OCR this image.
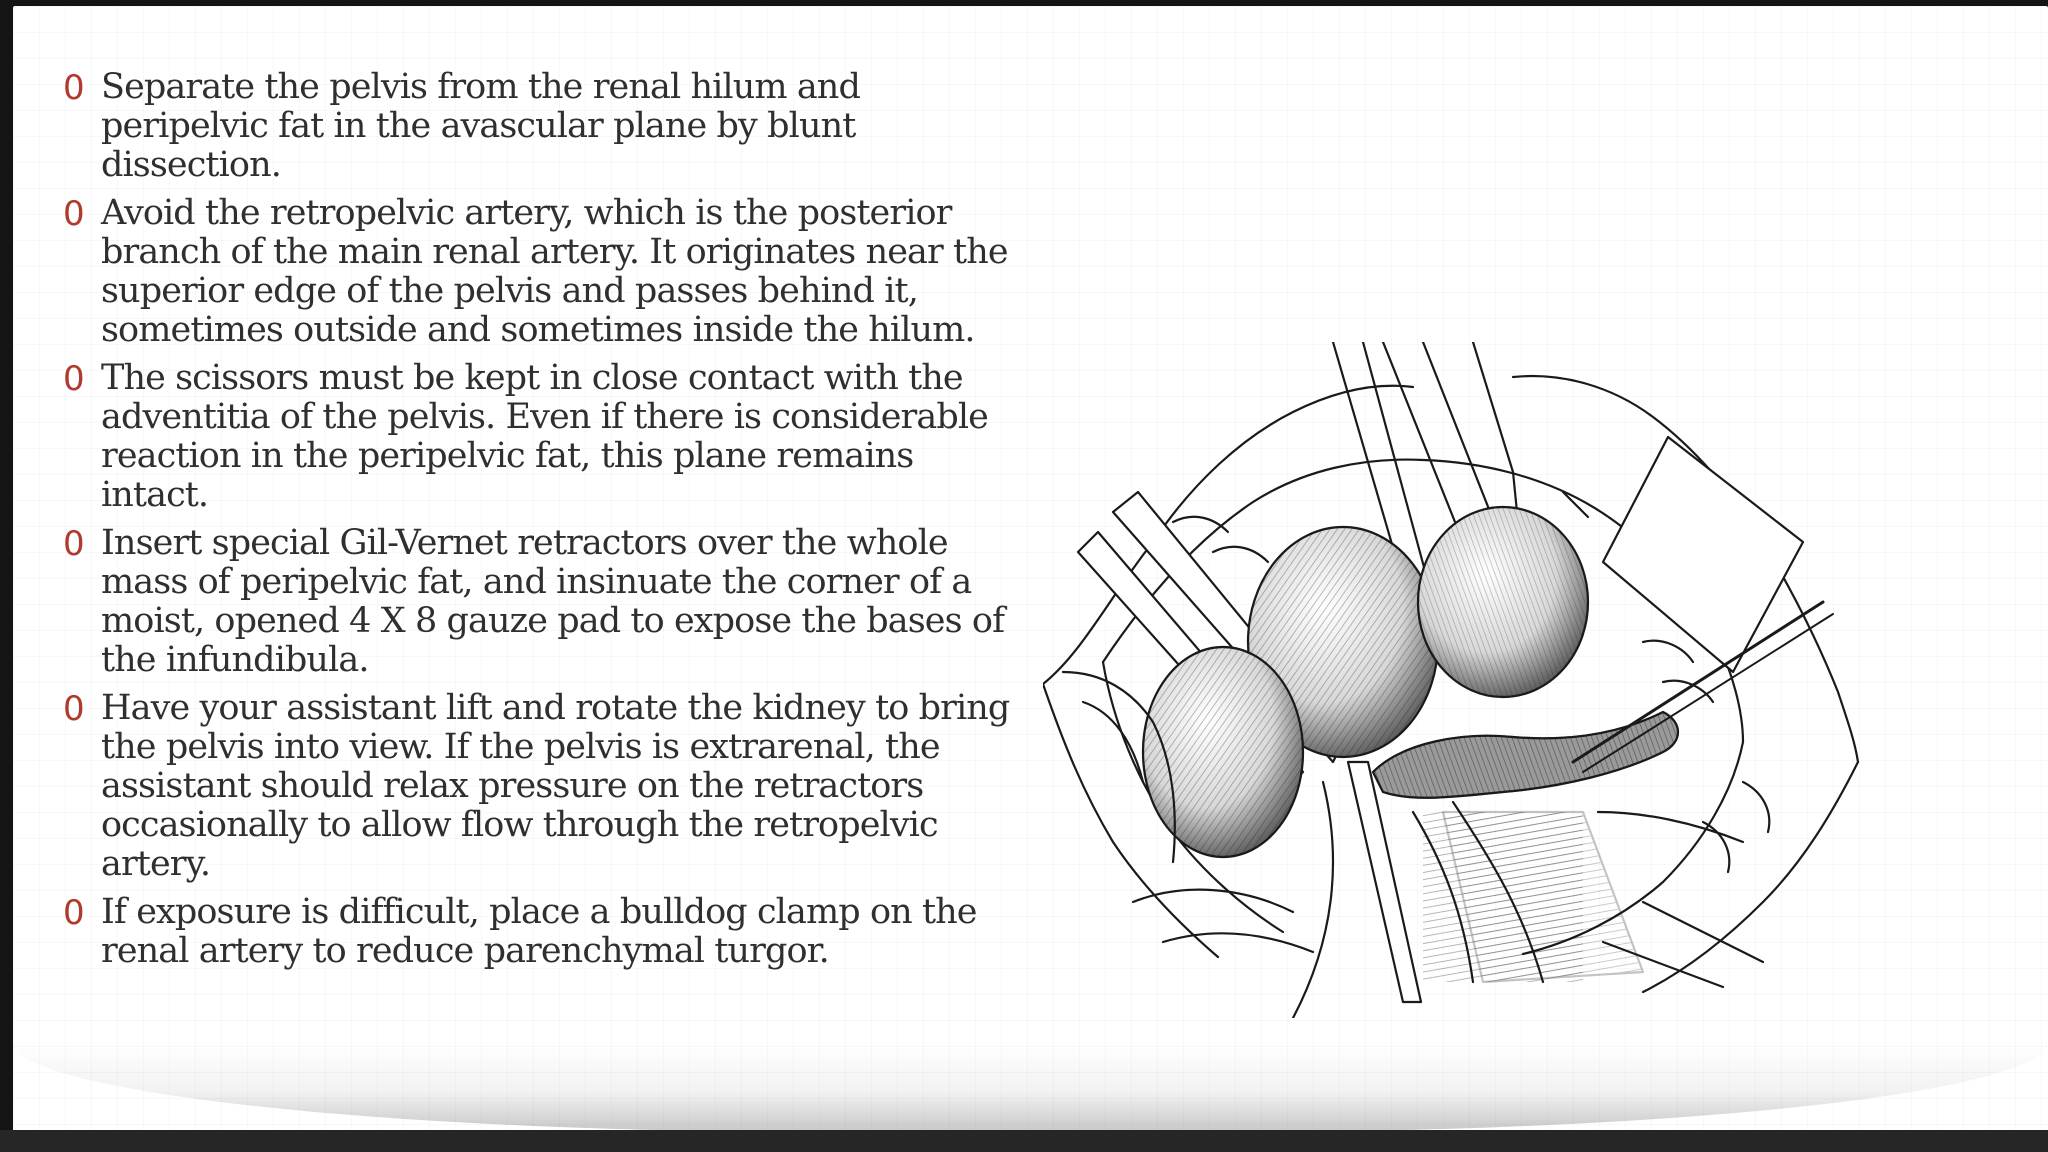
0 Separate the pelvis from the renal hilum and peripelvic fat in the avascular plane by blunt dissection.
0 Avoid the retropelvic artery, which is the posterior branch of the main renal artery. It originates near the superior edge of the pelvis and passes behind it, sometimes outside and sometimes inside the hilum.
0 The scissors must be kept in close contact with the adventitia of the pelvis. Even if there is considerable reaction in the peripelvic fat, this plane remains intact.
0 Insert special Gil-Vernet retractors over the whole mass of peripelvic fat, and insinuate the corner of a moist, opened 4 X 8 gauze pad to expose the bases of the infundibula.
0 Have your assistant lift and rotate the kidney to bring the pelvis into view. If the pelvis is extrarenal, the assistant should relax pressure on the retractors occasionally to allow flow through the retropelvic artery.
0 If exposure is difficult, place a bulldog clamp on the renal artery to reduce parenchymal turgor.
